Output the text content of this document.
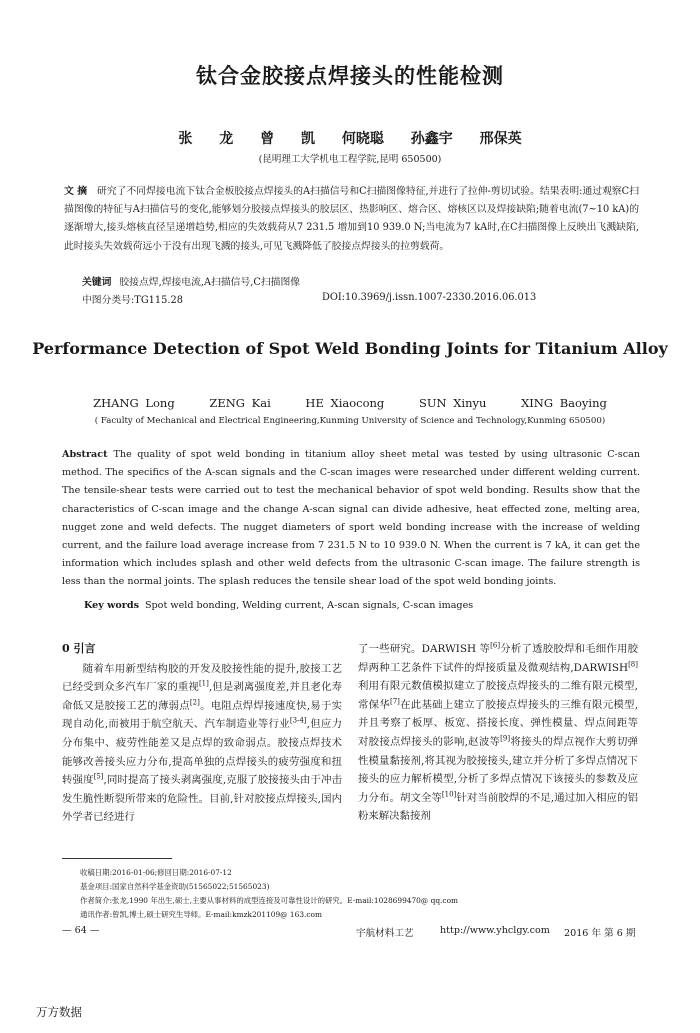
钛合金胶接点焊接头的性能检测
张 龙 曾 凯 何晓聪 孙鑫宇 邢保英
(昆明理工大学机电工程学院,昆明 650500)
文 摘 研究了不同焊接电流下钛合金板胶接点焊接头的A扫描信号和C扫描图像特征,并进行了拉伸-剪切试验。结果表明:通过观察C扫描图像的特征与A扫描信号的变化,能够划分胶接点焊接头的胶层区、热影响区、熔合区、熔核区以及焊接缺陷;随着电流(7~10 kA)的逐渐增大,接头熔核直径呈递增趋势,相应的失效载荷从7 231.5 增加到10 939.0 N;当电流为7 kA时,在C扫描图像上反映出飞溅缺陷,此时接头失效载荷远小于没有出现飞溅的接头,可见飞溅降低了胶接点焊接头的拉剪载荷。
关键词 胶接点焊,焊接电流,A扫描信号,C扫描图像
中图分类号:TG115.28	DOI:10.3969/j.issn.1007-2330.2016.06.013
Performance Detection of Spot Weld Bonding Joints for Titanium Alloy
ZHANG Long	ZENG Kai	HE Xiaocong	SUN Xinyu	XING Baoying
( Faculty of Mechanical and Electrical Engineering,Kunming University of Science and Technology,Kunming 650500)
Abstract The quality of spot weld bonding in titanium alloy sheet metal was tested by using ultrasonic C-scan method. The specifics of the A-scan signals and the C-scan images were researched under different welding current. The tensile-shear tests were carried out to test the mechanical behavior of spot weld bonding. Results show that the characteristics of C-scan image and the change A-scan signal can divide adhesive, heat effected zone, melting area, nugget zone and weld defects. The nugget diameters of sport weld bonding increase with the increase of welding current, and the failure load average increase from 7 231.5 N to 10 939.0 N. When the current is 7 kA, it can get the information which includes splash and other weld defects from the ultrasonic C-scan image. The failure strength is less than the normal joints. The splash reduces the tensile shear load of the spot weld bonding joints.
Key words Spot weld bonding, Welding current, A-scan signals, C-scan images
0 引言

随着车用新型结构胶的开发及胶接性能的提升,胶接工艺已经受到众多汽车厂家的重视[1],但是剥离强度差,并且老化寿命低又是胶接工艺的薄弱点[2]。电阻点焊焊接速度快,易于实现自动化,而被用于航空航天、汽车制造业等行业[3-4],但应力分布集中、疲劳性能差又是点焊的致命弱点。胶接点焊技术能够改善接头应力分布,提高单独的点焊接头的疲劳强度和扭转强度[5],同时提高了接头剥离强度,克服了胶接接头由于冲击发生脆性断裂所带来的危险性。目前,针对胶接点焊接头,国内外学者已经进行

了一些研究。DARWISH 等[6]分析了透胶胶焊和毛细作用胶焊两种工艺条件下试件的焊接质量及微观结构,DARWISH[8]利用有限元数值模拟建立了胶接点焊接头的二维有限元模型,常保华[7]在此基础上建立了胶接点焊接头的三维有限元模型,并且考察了板厚、板宽、搭接长度、弹性模量、焊点间距等对胶接点焊接头的影响,赵波等[9]将接头的焊点视作大剪切弹性模量黏接剂,将其视为胶接接头,建立并分析了多焊点情况下接头的应力解析模型,分析了多焊点情况下该接头的参数及应力分布。胡文全等[10]针对当前胶焊的不足,通过加入相应的铝粉来解决黏接剂

收稿日期:2016-01-06;修回日期:2016-07-12
基金项目:国家自然科学基金资助(51565022;51565023)
作者简介:张龙,1990 年出生,硕士,主要从事材料的成型连接及可靠性设计的研究。E-mail:1028699470@ qq.com
通讯作者:曾凯,博士,硕士研究生导师。E-mail:kmzk201109@ 163.com
— 64 —	宇航材料工艺	http://www.yhclgy.com 2016 年 第 6 期
万方数据
